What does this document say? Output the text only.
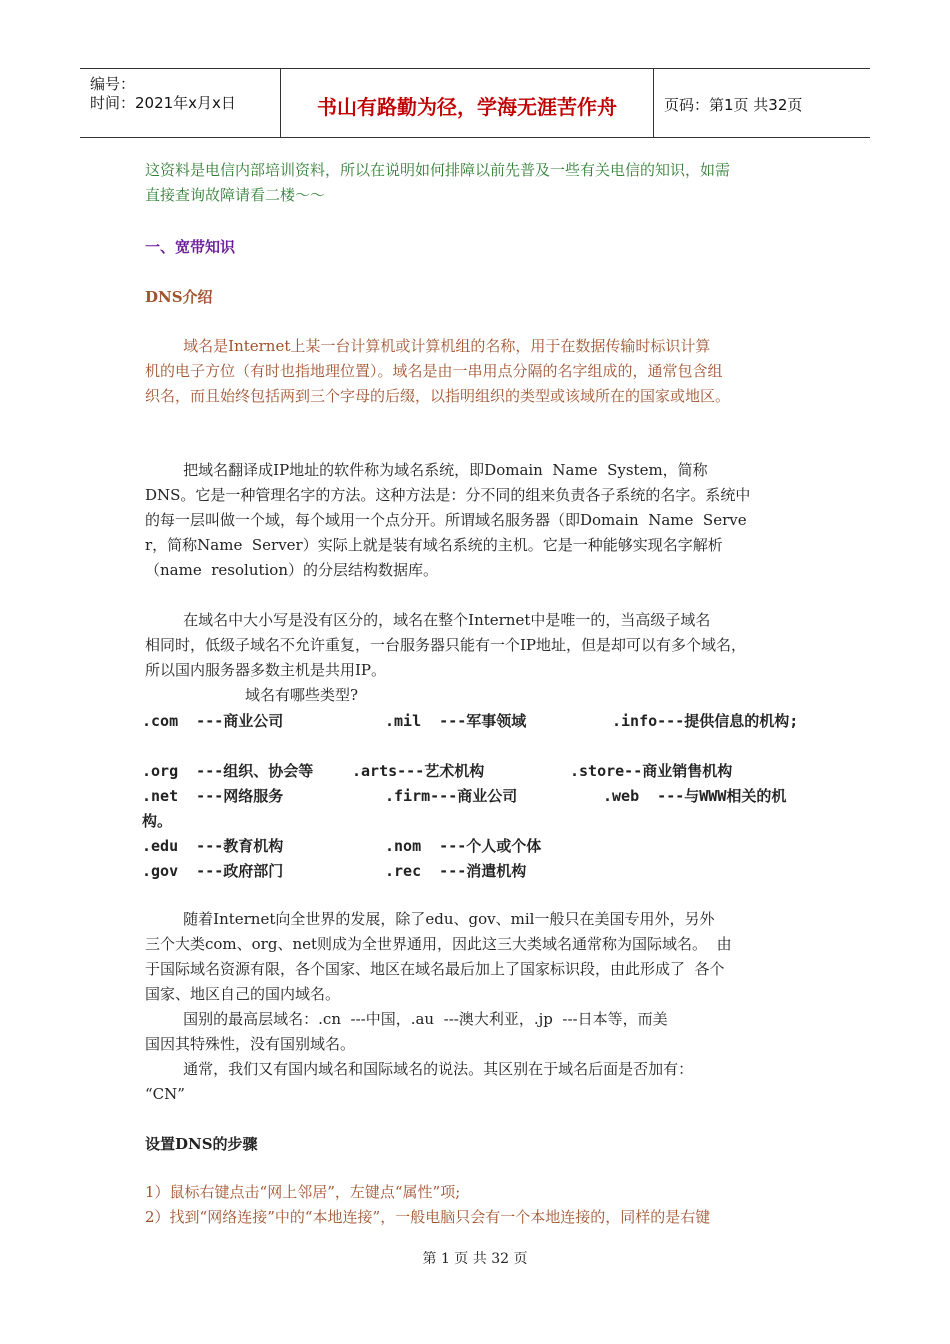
编号：
时间：2021年x月x日	书山有路勤为径，学海无涯苦作舟	页码：第1页 共32页
这资料是电信内部培训资料，所以在说明如何排障以前先普及一些有关电信的知识，如需
直接查询故障请看二楼～～
一、宽带知识
DNS介绍
域名是Internet上某一台计算机或计算机组的名称，用于在数据传输时标识计算
机的电子方位（有时也指地理位置）。域名是由一串用点分隔的名字组成的，通常包含组
织名，而且始终包括两到三个字母的后缀，以指明组织的类型或该域所在的国家或地区。
把域名翻译成IP地址的软件称为域名系统，即Domain  Name  System，简称
DNS。它是一种管理名字的方法。这种方法是：分不同的组来负责各子系统的名字。系统中
的每一层叫做一个域，每个域用一个点分开。所谓域名服务器（即Domain  Name  Serve
r，简称Name  Server）实际上就是装有域名系统的主机。它是一种能够实现名字解析
（name  resolution）的分层结构数据库。
在域名中大小写是没有区分的，域名在整个Internet中是唯一的，当高级子域名
相同时，低级子域名不允许重复，一台服务器只能有一个IP地址，但是却可以有多个域名，
所以国内服务器多数主机是共用IP。
域名有哪些类型?
.com  ---商业公司	.mil  ---军事领域	.info---提供信息的机构;
.org  ---组织、协会等	.arts---艺术机构	.store--商业销售机构
.net  ---网络服务	.firm---商业公司	.web  ---与WWW相关的机
构。
.edu  ---教育机构	.nom  ---个人或个体
.gov  ---政府部门	.rec  ---消遣机构
随着Internet向全世界的发展，除了edu、gov、mil一般只在美国专用外，另外
三个大类com、org、net则成为全世界通用，因此这三大类域名通常称为国际域名。  由
于国际域名资源有限，各个国家、地区在域名最后加上了国家标识段，由此形成了  各个
国家、地区自己的国内域名。
国别的最高层域名：.cn  ---中国，.au  ---澳大利亚，.jp  ---日本等，而美
国因其特殊性，没有国别域名。
通常，我们又有国内域名和国际域名的说法。其区别在于域名后面是否加有：
“CN”
设置DNS的步骤
1）鼠标右键点击“网上邻居”，左键点“属性”项;
2）找到“网络连接”中的“本地连接”，一般电脑只会有一个本地连接的，同样的是右键
第 1 页 共 32 页
